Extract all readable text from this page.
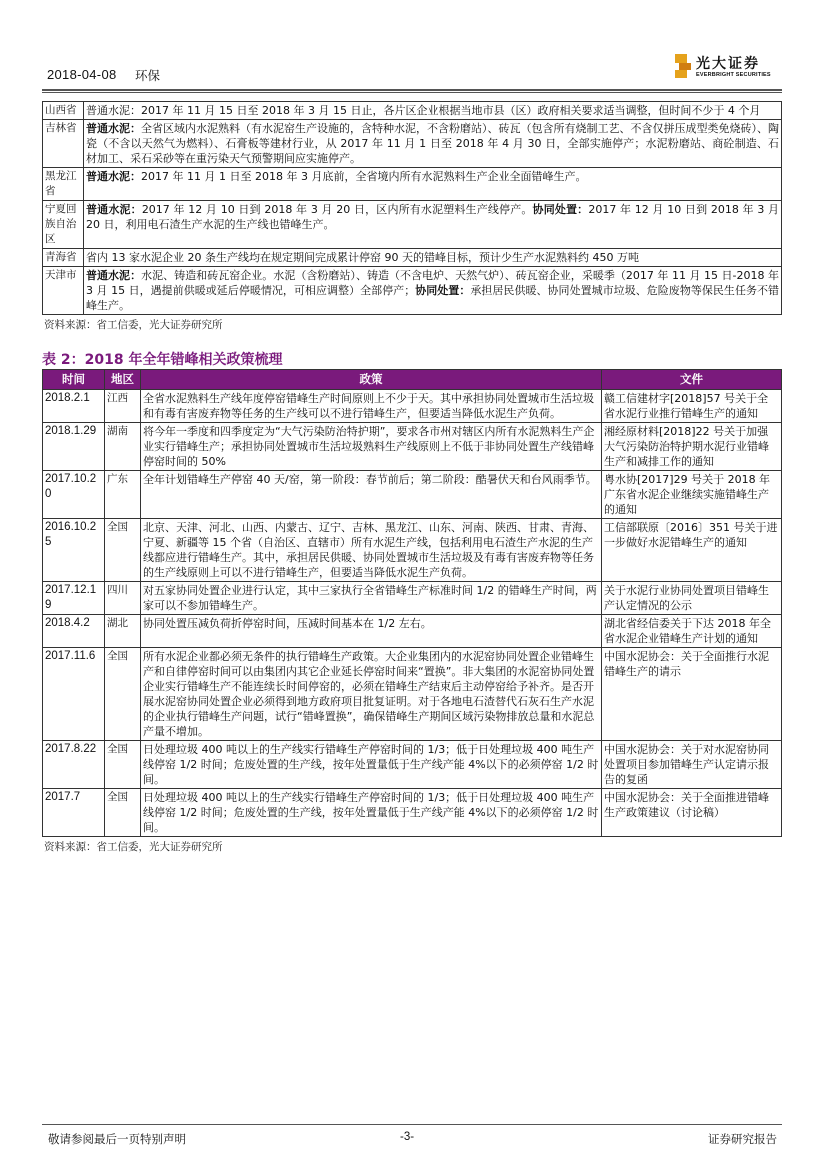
2018-04-08 环保
光大证券
EVERBRIGHT SECURITIES
山西省	普通水泥：2017 年 11 月 15 日至 2018 年 3 月 15 日止，各片区企业根据当地市县（区）政府相关要求适当调整，但时间不少于 4 个月
吉林省	普通水泥：全省区域内水泥熟料（有水泥窑生产设施的，含特种水泥，不含粉磨站）、砖瓦（包含所有烧制工艺、不含仅拼压成型类免烧砖）、陶瓷（不含以天然气为燃料）、石膏板等建材行业，从 2017 年 11 月 1 日至 2018 年 4 月 30 日，全部实施停产；水泥粉磨站、商砼制造、石材加工、采石采砂等在重污染天气预警期间应实施停产。
黑龙江省	普通水泥：2017 年 11 月 1 日至 2018 年 3 月底前，全省境内所有水泥熟料生产企业全面错峰生产。
宁夏回族自治区	普通水泥：2017 年 12 月 10 日到 2018 年 3 月 20 日，区内所有水泥塑料生产线停产。协同处置：2017 年 12 月 10 日到 2018 年 3 月 20 日，利用电石渣生产水泥的生产线也错峰生产。
青海省	省内 13 家水泥企业 20 条生产线均在规定期间完成累计停窑 90 天的错峰目标，预计少生产水泥熟料约 450 万吨
天津市	普通水泥：水泥、铸造和砖瓦窑企业。水泥（含粉磨站）、铸造（不含电炉、天然气炉）、砖瓦窑企业，采暖季（2017 年 11 月 15 日-2018 年 3 月 15 日，遇提前供暖或延后停暖情况，可相应调整）全部停产；协同处置：承担居民供暖、协同处置城市垃圾、危险废物等保民生任务不错峰生产。
资料来源：省工信委，光大证券研究所
表 2：2018 年全年错峰相关政策梳理
时间	地区	政策	文件
2018.2.1	江西	全省水泥熟料生产线年度停窑错峰生产时间原则上不少于天。其中承担协同处置城市生活垃圾和有毒有害废弃物等任务的生产线可以不进行错峰生产，但要适当降低水泥生产负荷。	赣工信建材字[2018]57 号关于全省水泥行业推行错峰生产的通知
2018.1.29	湖南	将今年一季度和四季度定为“大气污染防治特护期”，要求各市州对辖区内所有水泥熟料生产企业实行错峰生产；承担协同处置城市生活垃圾熟料生产线原则上不低于非协同处置生产线错峰停窑时间的 50%	湘经原材料[2018]22 号关于加强大气污染防治特护期水泥行业错峰生产和减排工作的通知
2017.10.20	广东	全年计划错峰生产停窑 40 天/窑，第一阶段：春节前后；第二阶段：酷暑伏天和台风雨季节。	粤水协[2017]29 号关于 2018 年广东省水泥企业继续实施错峰生产的通知
2016.10.25	全国	北京、天津、河北、山西、内蒙古、辽宁、吉林、黑龙江、山东、河南、陕西、甘肃、青海、宁夏、新疆等 15 个省（自治区、直辖市）所有水泥生产线，包括利用电石渣生产水泥的生产线都应进行错峰生产。其中，承担居民供暖、协同处置城市生活垃圾及有毒有害废弃物等任务的生产线原则上可以不进行错峰生产，但要适当降低水泥生产负荷。	工信部联原〔2016〕351 号关于进一步做好水泥错峰生产的通知
2017.12.19	四川	对五家协同处置企业进行认定，其中三家执行全省错峰生产标准时间 1/2 的错峰生产时间，两家可以不参加错峰生产。	关于水泥行业协同处置项目错峰生产认定情况的公示
2018.4.2	湖北	协同处置压减负荷折停窑时间，压减时间基本在 1/2 左右。	湖北省经信委关于下达 2018 年全省水泥企业错峰生产计划的通知
2017.11.6	全国	所有水泥企业都必须无条件的执行错峰生产政策。大企业集团内的水泥窑协同处置企业错峰生产和自律停窑时间可以由集团内其它企业延长停窑时间来“置换”。非大集团的水泥窑协同处置企业实行错峰生产不能连续长时间停窑的，必须在错峰生产结束后主动停窑给予补齐。是否开展水泥窑协同处置企业必须得到地方政府项目批复证明。对于各地电石渣替代石灰石生产水泥的企业执行错峰生产问题，试行“错峰置换”，确保错峰生产期间区域污染物排放总量和水泥总产量不增加。	中国水泥协会：关于全面推行水泥错峰生产的请示
2017.8.22	全国	日处理垃圾 400 吨以上的生产线实行错峰生产停窑时间的 1/3；低于日处理垃圾 400 吨生产线停窑 1/2 时间；危废处置的生产线，按年处置量低于生产线产能 4%以下的必须停窑 1/2 时间。	中国水泥协会：关于对水泥窑协同处置项目参加错峰生产认定请示报告的复函
2017.7	全国	日处理垃圾 400 吨以上的生产线实行错峰生产停窑时间的 1/3；低于日处理垃圾 400 吨生产线停窑 1/2 时间；危废处置的生产线，按年处置量低于生产线产能 4%以下的必须停窑 1/2 时间。	中国水泥协会：关于全面推进错峰生产政策建议（讨论稿）
资料来源：省工信委，光大证券研究所
敬请参阅最后一页特别声明	-3-	证券研究报告
